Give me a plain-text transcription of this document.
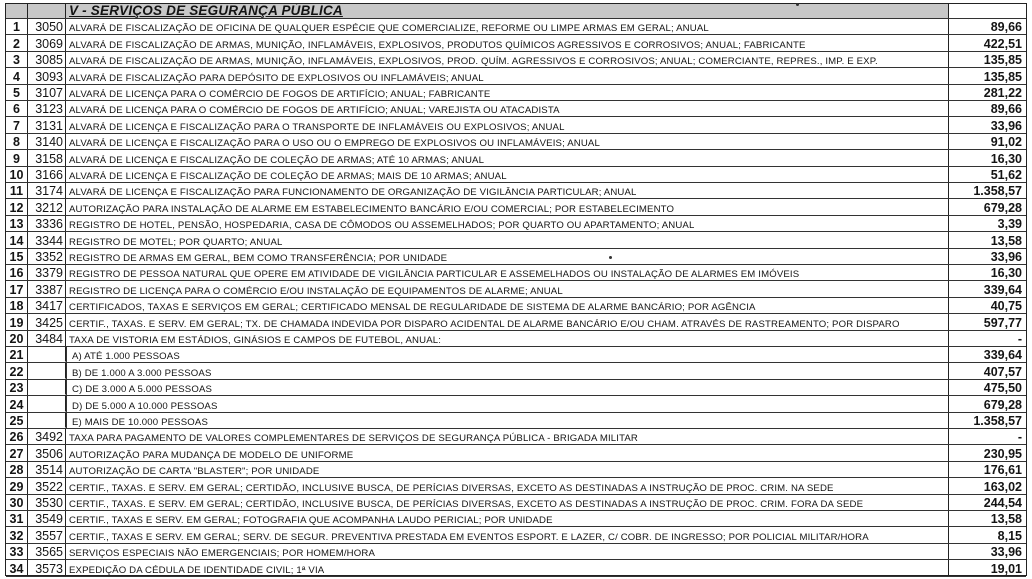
V - SERVIÇOS DE SEGURANÇA PÚBLICA
1	3050 ALVARÁ DE FISCALIZAÇÃO DE OFICINA DE QUALQUER ESPÉCIE QUE COMERCIALIZE, REFORME OU LIMPE ARMAS EM GERAL; ANUAL	89,66
2	3069 ALVARÁ DE FISCALIZAÇÃO DE ARMAS, MUNIÇÃO, INFLAMÁVEIS, EXPLOSIVOS, PRODUTOS QUÍMICOS AGRESSIVOS E CORROSIVOS; ANUAL; FABRICANTE	422,51
3	3085 ALVARÁ DE FISCALIZAÇÃO DE ARMAS, MUNIÇÃO, INFLAMÁVEIS, EXPLOSIVOS, PROD. QUÍM. AGRESSIVOS E CORROSIVOS; ANUAL; COMERCIANTE, REPRES., IMP. E EXP.	135,85
4	3093 ALVARÁ DE FISCALIZAÇÃO PARA DEPÓSITO DE EXPLOSIVOS OU INFLAMÁVEIS; ANUAL	135,85
5	3107 ALVARÁ DE LICENÇA PARA O COMÉRCIO DE FOGOS DE ARTIFÍCIO; ANUAL; FABRICANTE	281,22
6	3123 ALVARÁ DE LICENÇA PARA O COMÉRCIO DE FOGOS DE ARTIFÍCIO; ANUAL; VAREJISTA OU ATACADISTA	89,66
7	3131 ALVARÁ DE LICENÇA E FISCALIZAÇÃO PARA O TRANSPORTE DE INFLAMÁVEIS OU EXPLOSIVOS; ANUAL	33,96
8	3140 ALVARÁ DE LICENÇA E FISCALIZAÇÃO PARA O USO OU O EMPREGO DE EXPLOSIVOS OU INFLAMÁVEIS; ANUAL	91,02
9	3158 ALVARÁ DE LICENÇA E FISCALIZAÇÃO DE COLEÇÃO DE ARMAS; ATÉ 10 ARMAS; ANUAL	16,30
10 3166 ALVARÁ DE LICENÇA E FISCALIZAÇÃO DE COLEÇÃO DE ARMAS; MAIS DE 10 ARMAS; ANUAL	51,62
11 3174 ALVARÁ DE LICENÇA E FISCALIZAÇÃO PARA FUNCIONAMENTO DE ORGANIZAÇÃO DE VIGILÂNCIA PARTICULAR; ANUAL	1.358,57
12 3212 AUTORIZAÇÃO PARA INSTALAÇÃO DE ALARME EM ESTABELECIMENTO BANCÁRIO E/OU COMERCIAL; POR ESTABELECIMENTO	679,28
13 3336 REGISTRO DE HOTEL, PENSÃO, HOSPEDARIA, CASA DE CÔMODOS OU ASSEMELHADOS; POR QUARTO OU APARTAMENTO; ANUAL	3,39
14 3344 REGISTRO DE MOTEL; POR QUARTO; ANUAL	13,58
15 3352 REGISTRO DE ARMAS EM GERAL, BEM COMO TRANSFERÊNCIA; POR UNIDADE	33,96
16 3379 REGISTRO DE PESSOA NATURAL QUE OPERE EM ATIVIDADE DE VIGILÂNCIA PARTICULAR E ASSEMELHADOS OU INSTALAÇÃO DE ALARMES EM IMÓVEIS	16,30
17 3387 REGISTRO DE LICENÇA PARA O COMÉRCIO E/OU INSTALAÇÃO DE EQUIPAMENTOS DE ALARME; ANUAL	339,64
18 3417 CERTIFICADOS, TAXAS E SERVIÇOS EM GERAL; CERTIFICADO MENSAL DE REGULARIDADE DE SISTEMA DE ALARME BANCÁRIO; POR AGÊNCIA	40,75
19 3425 CERTIF., TAXAS. E SERV. EM GERAL; TX. DE CHAMADA INDEVIDA POR DISPARO ACIDENTAL DE ALARME BANCÁRIO E/OU CHAM. ATRAVÉS DE RASTREAMENTO; POR DISPARO	597,77
20 3484 TAXA DE VISTORIA EM ESTÁDIOS, GINÁSIOS E CAMPOS DE FUTEBOL, ANUAL:	-
21	A) ATÉ 1.000 PESSOAS	339,64
22	B) DE 1.000 A 3.000 PESSOAS	407,57
23	C) DE 3.000 A 5.000 PESSOAS	475,50
24	D) DE 5.000 A 10.000 PESSOAS	679,28
25	E) MAIS DE 10.000 PESSOAS	1.358,57
26 3492 TAXA PARA PAGAMENTO DE VALORES COMPLEMENTARES DE SERVIÇOS DE SEGURANÇA PÚBLICA - BRIGADA MILITAR	-
27 3506 AUTORIZAÇÃO PARA MUDANÇA DE MODELO DE UNIFORME	230,95
28 3514 AUTORIZAÇÃO DE CARTA "BLASTER"; POR UNIDADE	176,61
29 3522 CERTIF., TAXAS. E SERV. EM GERAL; CERTIDÃO, INCLUSIVE BUSCA, DE PERÍCIAS DIVERSAS, EXCETO AS DESTINADAS A INSTRUÇÃO DE PROC. CRIM. NA SEDE	163,02
30 3530 CERTIF., TAXAS. E SERV. EM GERAL; CERTIDÃO, INCLUSIVE BUSCA, DE PERÍCIAS DIVERSAS, EXCETO AS DESTINADAS A INSTRUÇÃO DE PROC. CRIM. FORA DA SEDE	244,54
31 3549 CERTIF., TAXAS E SERV. EM GERAL; FOTOGRAFIA QUE ACOMPANHA LAUDO PERICIAL; POR UNIDADE	13,58
32 3557 CERTIF., TAXAS E SERV. EM GERAL; SERV. DE SEGUR. PREVENTIVA PRESTADA EM EVENTOS ESPORT. E LAZER, C/ COBR. DE INGRESSO; POR POLICIAL MILITAR/HORA	8,15
33 3565 SERVIÇOS ESPECIAIS NÃO EMERGENCIAIS; POR HOMEM/HORA	33,96
34 3573 EXPEDIÇÃO DA CÉDULA DE IDENTIDADE CIVIL; 1ª VIA	19,01
